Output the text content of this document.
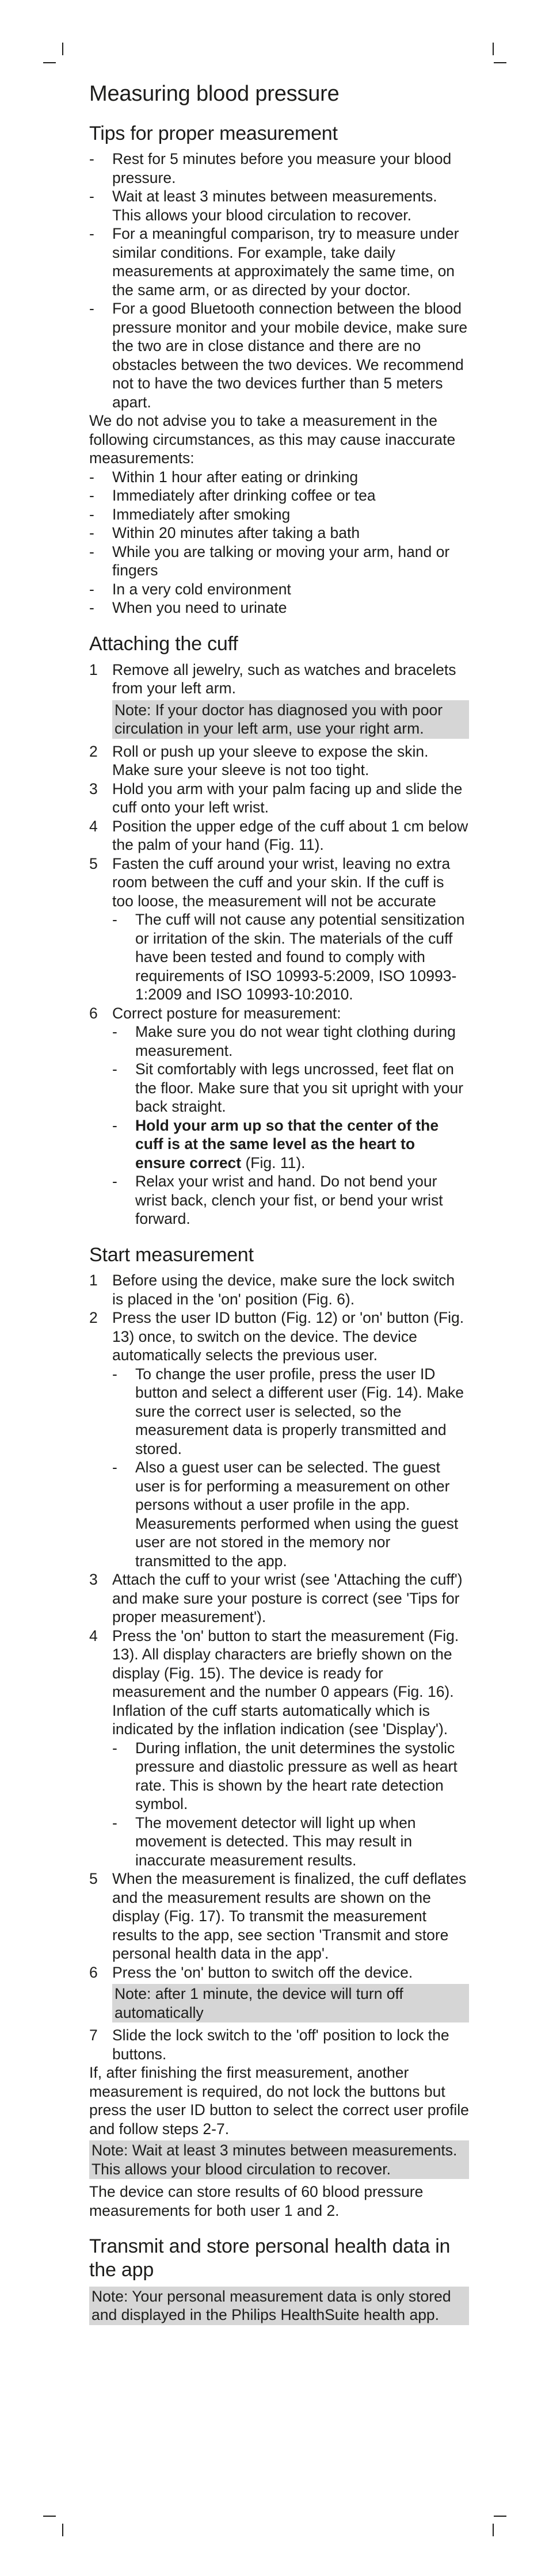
Measuring blood pressure
Tips for proper measurement
-	Rest for 5 minutes before you measure your blood pressure.
-	Wait at least 3 minutes between measurements. This allows your blood circulation to recover.
-	For a meaningful comparison, try to measure under similar conditions. For example, take daily measurements at approximately the same time, on the same arm, or as directed by your doctor.
-	For a good Bluetooth connection between the blood pressure monitor and your mobile device, make sure the two are in close distance and there are no obstacles between the two devices. We recommend not to have the two devices further than 5 meters apart.

We do not advise you to take a measurement in the following circumstances, as this may cause inaccurate measurements:

-	Within 1 hour after eating or drinking
-	Immediately after drinking coffee or tea
-	Immediately after smoking
-	Within 20 minutes after taking a bath
-	While you are talking or moving your arm, hand or fingers
-	In a very cold environment
-	When you need to urinate
Attaching the cuff
1 Remove all jewelry, such as watches and bracelets from your left arm.
Note: If your doctor has diagnosed you with poor circulation in your left arm, use your right arm.
2 Roll or push up your sleeve to expose the skin. Make sure your sleeve is not too tight.
3 Hold you arm with your palm facing up and slide the cuff onto your left wrist.
4 Position the upper edge of the cuff about 1 cm below the palm of your hand (Fig. 11).
5 Fasten the cuff around your wrist, leaving no extra room between the cuff and your skin. If the cuff is too loose, the measurement will not be accurate
-	The cuff will not cause any potential sensitization or irritation of the skin. The materials of the cuff have been tested and found to comply with requirements of ISO 10993-5:2009, ISO 10993-1:2009 and ISO 10993-10:2010.
6 Correct posture for measurement:
-	Make sure you do not wear tight clothing during measurement.
-	Sit comfortably with legs uncrossed, feet flat on the floor. Make sure that you sit upright with your back straight.
-	Hold your arm up so that the center of the cuff is at the same level as the heart to ensure correct (Fig. 11).
-	Relax your wrist and hand. Do not bend your wrist back, clench your fist, or bend your wrist forward.
Start measurement
1 Before using the device, make sure the lock switch is placed in the 'on' position (Fig. 6).
2 Press the user ID button (Fig. 12) or 'on' button (Fig. 13) once, to switch on the device. The device automatically selects the previous user.
-	To change the user profile, press the user ID button and select a different user (Fig. 14). Make sure the correct user is selected, so the measurement data is properly transmitted and stored.
-	Also a guest user can be selected. The guest user is for performing a measurement on other persons without a user profile in the app. Measurements performed when using the guest user are not stored in the memory nor transmitted to the app.
3 Attach the cuff to your wrist (see 'Attaching the cuff') and make sure your posture is correct (see 'Tips for proper measurement').
4 Press the 'on' button to start the measurement (Fig. 13). All display characters are briefly shown on the display (Fig. 15). The device is ready for measurement and the number 0 appears (Fig. 16). Inflation of the cuff starts automatically which is indicated by the inflation indication (see 'Display').
-	During inflation, the unit determines the systolic pressure and diastolic pressure as well as heart rate. This is shown by the heart rate detection symbol.
-	The movement detector will light up when movement is detected. This may result in inaccurate measurement results.
5 When the measurement is finalized, the cuff deflates and the measurement results are shown on the display (Fig. 17). To transmit the measurement results to the app, see section 'Transmit and store personal health data in the app'.
6 Press the 'on' button to switch off the device.
Note: after 1 minute, the device will turn off automatically
7 Slide the lock switch to the 'off' position to lock the buttons.

If, after finishing the first measurement, another measurement is required, do not lock the buttons but press the user ID button to select the correct user profile and follow steps 2-7.

Note: Wait at least 3 minutes between measurements. This allows your blood circulation to recover.

The device can store results of 60 blood pressure measurements for both user 1 and 2.

Transmit and store personal health data in the app
Note: Your personal measurement data is only stored and displayed in the Philips HealthSuite health app.
